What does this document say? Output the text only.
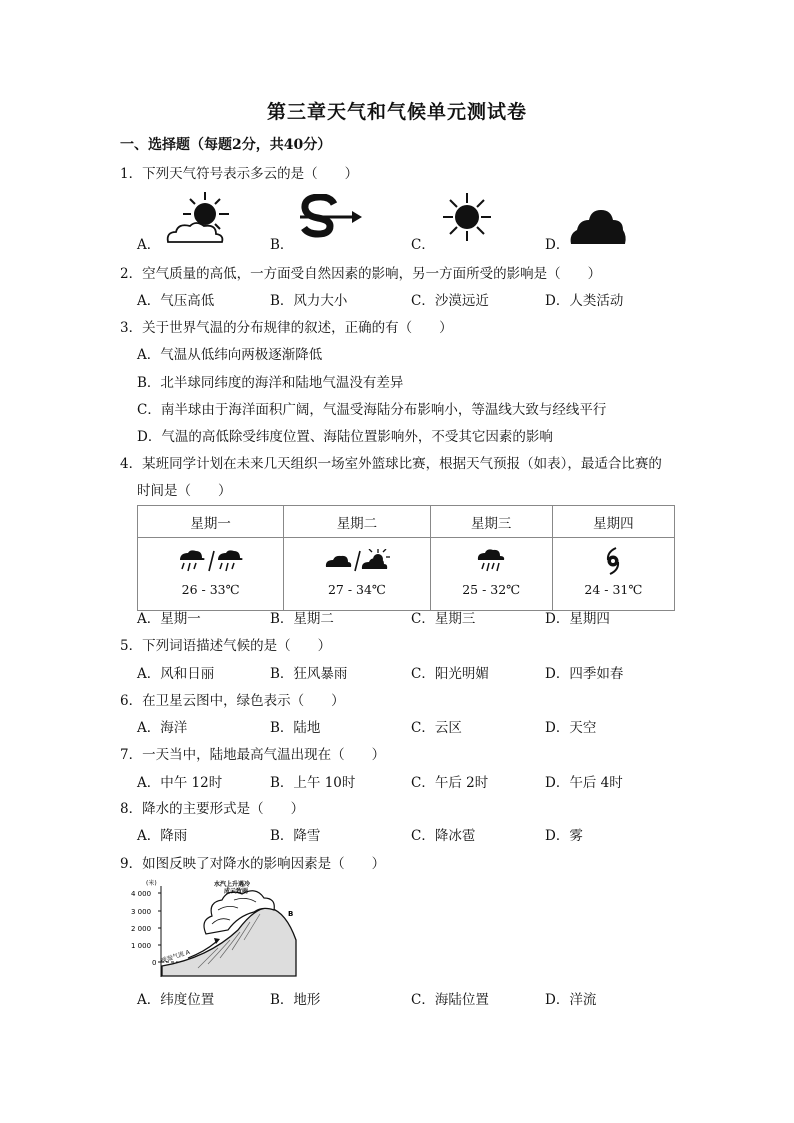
第三章天气和气候单元测试卷
一、选择题（每题2分，共40分）
1．下列天气符号表示多云的是（　　）
A．	B．	C．	D．
2．空气质量的高低，一方面受自然因素的影响，另一方面所受的影响是（　　）
A．气压高低	B．风力大小	C．沙漠远近	D．人类活动
3．关于世界气温的分布规律的叙述，正确的有（　　）
A．气温从低纬向两极逐渐降低
B．北半球同纬度的海洋和陆地气温没有差异
C．南半球由于海洋面积广阔，气温受海陆分布影响小，等温线大致与经线平行
D．气温的高低除受纬度位置、海陆位置影响外，不受其它因素的影响
4．某班同学计划在未来几天组织一场室外篮球比赛，根据天气预报（如表），最适合比赛的
时间是（　　）
星期一	星期二	星期三	星期四

26 - 33℃	27 - 34℃	25 - 32℃	24 - 31℃
A．星期一	B．星期二	C．星期三	D．星期四
5．下列词语描述气候的是（　　）
A．风和日丽	B．狂风暴雨	C．阳光明媚	D．四季如春
6．在卫星云图中，绿色表示（　　）
A．海洋	B．陆地	C．云区	D．天空
7．一天当中，陆地最高气温出现在（　　）
A．中午 12时	B．上午 10时	C．午后 2时	D．午后 4时
8．降水的主要形式是（　　）
A．降雨	B．降雪	C．降冰雹	D．雾
9．如图反映了对降水的影响因素是（　　）
(米)
4 000
3 000
2 000
1 000
0
水汽上升遇冷
成云致雨
暖湿气流 A
B
A．纬度位置	B．地形	C．海陆位置	D．洋流
